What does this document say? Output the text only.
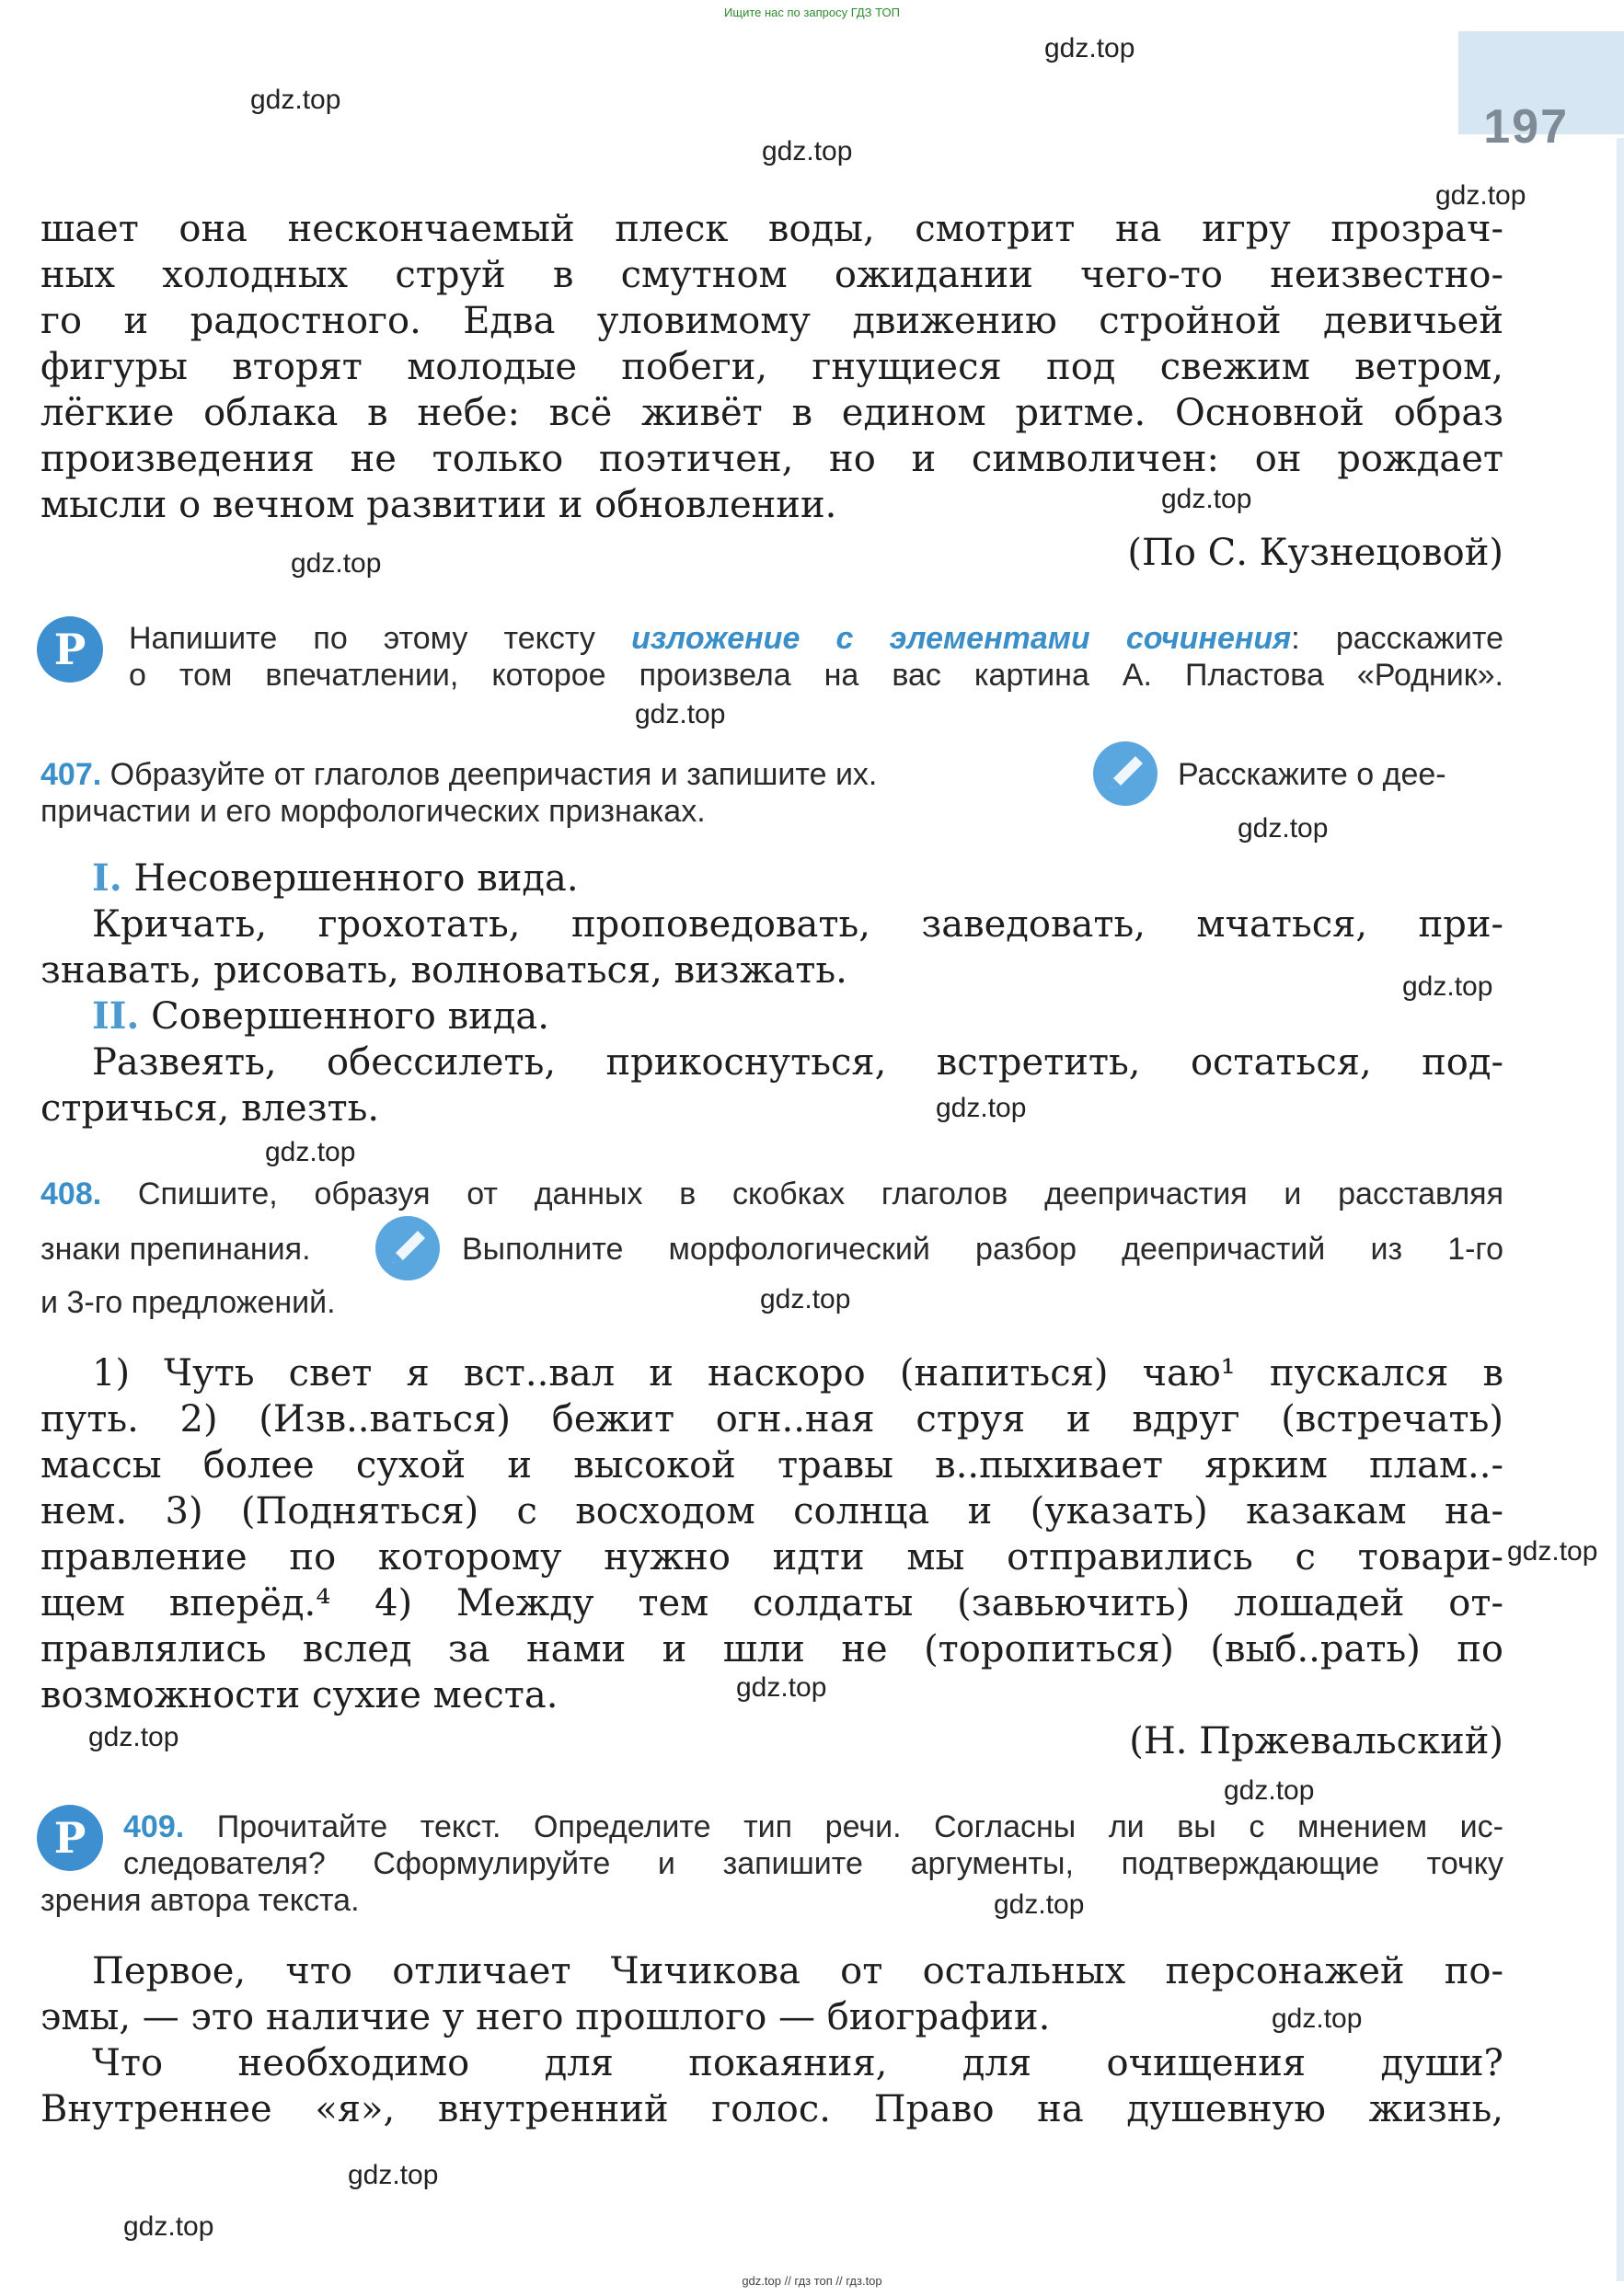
197
Ищите нас по запросу ГДЗ ТОП
gdz.top
gdz.top
gdz.top
gdz.top
gdz.top
gdz.top
gdz.top
gdz.top
gdz.top
gdz.top
gdz.top
gdz.top
gdz.top
gdz.top
gdz.top
gdz.top
gdz.top
gdz.top
gdz.top
gdz.top
шает она нескончаемый плеск воды, смотрит на игру прозрач-
ных холодных струй в смутном ожидании чего-то неизвестно-
го и радостного. Едва уловимому движению стройной девичьей
фигуры вторят молодые побеги, гнущиеся под свежим ветром,
лёгкие облака в небе: всё живёт в едином ритме. Основной образ
произведения не только поэтичен, но и символичен: он рождает
мысли о вечном развитии и обновлении.
(По С. Кузнецовой)
Р	Напишите по этому тексту изложение с элементами сочинения: расскажите
о том впечатлении, которое произвела на вас картина А. Пластова «Родник».
407. Образуйте от глаголов деепричастия и запишите их.	Расскажите о дее-
причастии и его морфологических признаках.
I. Несовершенного вида.
Кричать, грохотать, проповедовать, заведовать, мчаться, при-
знавать, рисовать, волноваться, визжать.
II. Совершенного вида.
Развеять, обессилеть, прикоснуться, встретить, остаться, под-
стричься, влезть.
408. Спишите, образуя от данных в скобках глаголов деепричастия и расставляя
знаки препинания.	Выполните морфологический разбор деепричастий из 1-го
и 3-го предложений.
1) Чуть свет я вст..вал и наскоро (напиться) чаю¹ пускался в
путь. 2) (Изв..ваться) бежит огн..ная струя и вдруг (встречать)
массы более сухой и высокой травы в..пыхивает ярким плам..-
нем. 3) (Подняться) с восходом солнца и (указать) казакам на-
правление по которому нужно идти мы отправились с товари-
щем вперёд.⁴ 4) Между тем солдаты (завьючить) лошадей от-
правлялись вслед за нами и шли не (торопиться) (выб..рать) по
возможности сухие места.
(Н. Пржевальский)
Р	409. Прочитайте текст. Определите тип речи. Согласны ли вы с мнением ис-
следователя? Сформулируйте и запишите аргументы, подтверждающие точку
зрения автора текста.
Первое, что отличает Чичикова от остальных персонажей по-
эмы, — это наличие у него прошлого — биографии.
Что необходимо для покаяния, для очищения души?
Внутреннее «я», внутренний голос. Право на душевную жизнь,
gdz.top // гдз топ // гдз.top
